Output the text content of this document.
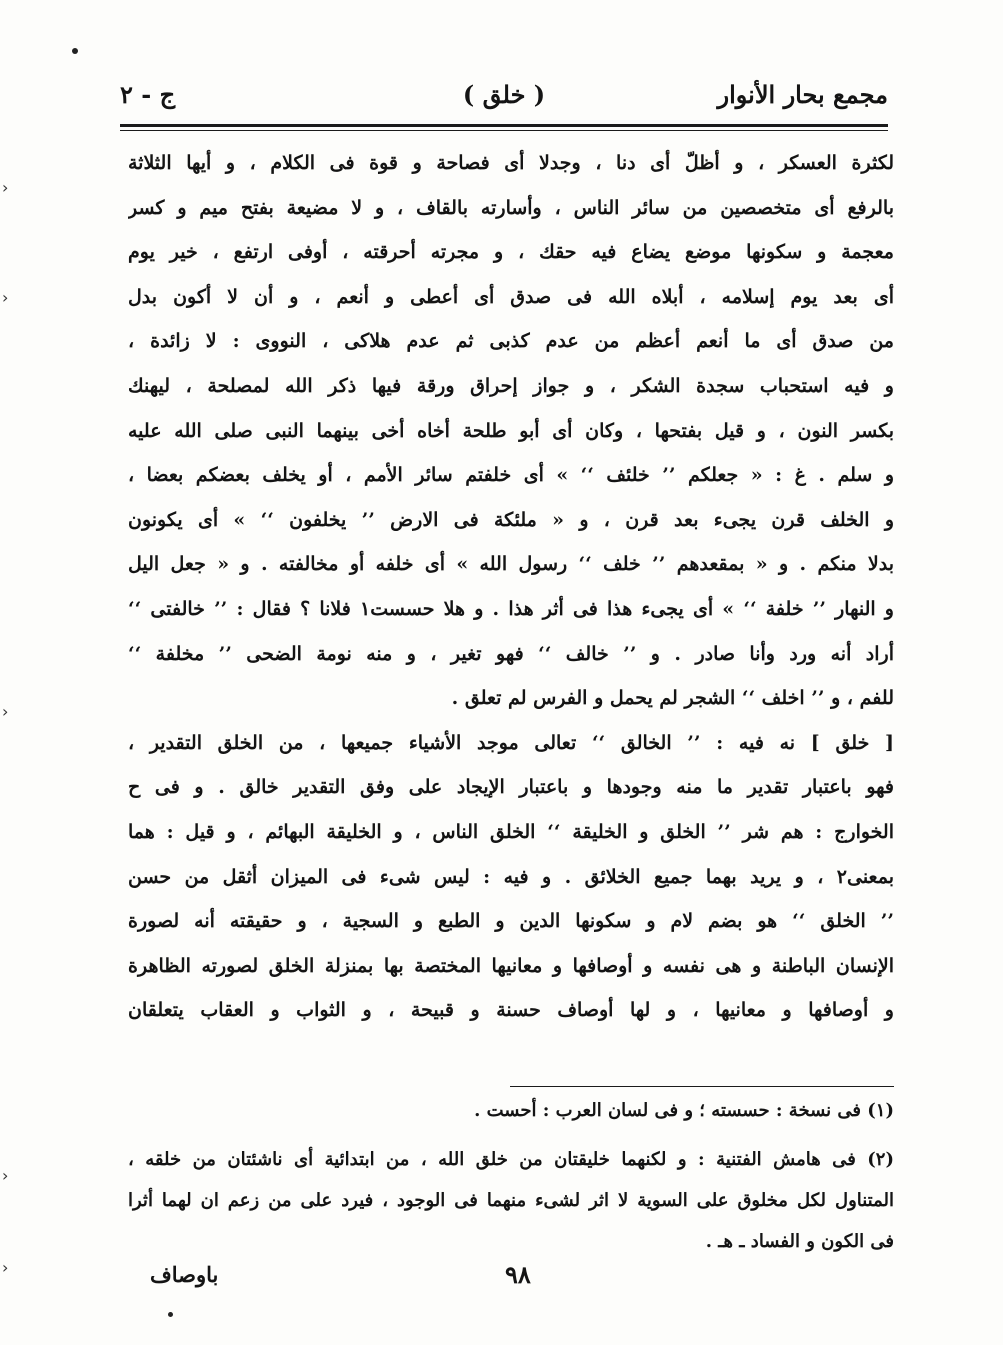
مجمع بحار الأنوار
( خلق )
ج - ٢
لكثرة العسكر ، و أظلّ أى دنا ، وجدلا أى فصاحة و قوة فى الكلام ، و أيها الثلاثة
بالرفع أى متخصصين من سائر الناس ، وأسارته بالقاف ، و لا مضيعة بفتح ميم و كسر
معجمة و سكونها موضع يضاع فيه حقك ، و مجرته أحرقته ، أوفى ارتفع ، خير يوم
أى بعد يوم إسلامه ، أبلاه الله فى صدق أى أعطى و أنعم ، و أن لا أكون بدل
من صدق أى ما أنعم أعظم من عدم كذبى ثم عدم هلاكى ، النووى : لا زائدة ،
و فيه استحباب سجدة الشكر ، و جواز إحراق ورقة فيها ذكر الله لمصلحة ، ليهنك
بكسر النون ، و قيل بفتحها ، وكان أى أبو طلحة أخاه أخى بينهما النبى صلى الله عليه
و سلم . غ : « جعلكم ’’ خلئف ‘‘ » أى خلفتم سائر الأمم ، أو يخلف بعضكم بعضا ،
و الخلف قرن يجىء بعد قرن ، و « ملئكة فى الارض ’’ يخلفون ‘‘ » أى يكونون
بدلا منكم . و « بمقعدهم ’’ خلف ‘‘ رسول الله » أى خلفه أو مخالفته . و « جعل اليل
و النهار ’’ خلفة ‘‘ » أى يجىء هذا فى أثر هذا . و هلا حسست١ فلانا ؟ فقال : ’’ خالفتى ‘‘
أراد أنه ورد وأنا صادر . و ’’ خالف ‘‘ فهو تغير ، و منه نومة الضحى ’’ مخلفة ‘‘
للفم ، و ’’ اخلف ‘‘ الشجر لم يحمل و الفرس لم تعلق .
[ خلق ] نه فيه : ’’ الخالق ‘‘ تعالى موجد الأشياء جميعها ، من الخلق التقدير ،
فهو باعتبار تقدير ما منه وجودها و باعتبار الإيجاد على وفق التقدير خالق . و فى ح
الخوارج : هم شر ’’ الخلق و الخليقة ‘‘ الخلق الناس ، و الخليقة البهائم ، و قيل : هما
بمعنى٢ ، و يريد بهما جميع الخلائق . و فيه : ليس شىء فى الميزان أثقل من حسن
’’ الخلق ‘‘ هو بضم لام و سكونها الدين و الطبع و السجية ، و حقيقته أنه لصورة
الإنسان الباطنة و هى نفسه و أوصافها و معانيها المختصة بها بمنزلة الخلق لصورته الظاهرة
و أوصافها و معانيها ، و لها أوصاف حسنة و قبيحة ، و الثواب و العقاب يتعلقان
(١) فى نسخة : حسسته ؛ و فى لسان العرب : أحست .
(٢) فى هامش الفتنية : و لكنهما خليقتان من خلق الله ، من ابتدائية أى ناشئتان من خلقه ،
المتناول لكل مخلوق على السوية لا اثر لشىء منهما فى الوجود ، فيرد على من زعم ان لهما أثرا
فى الكون و الفساد ـ هـ .
باوصاف	٩٨
›
›
›
›
›
